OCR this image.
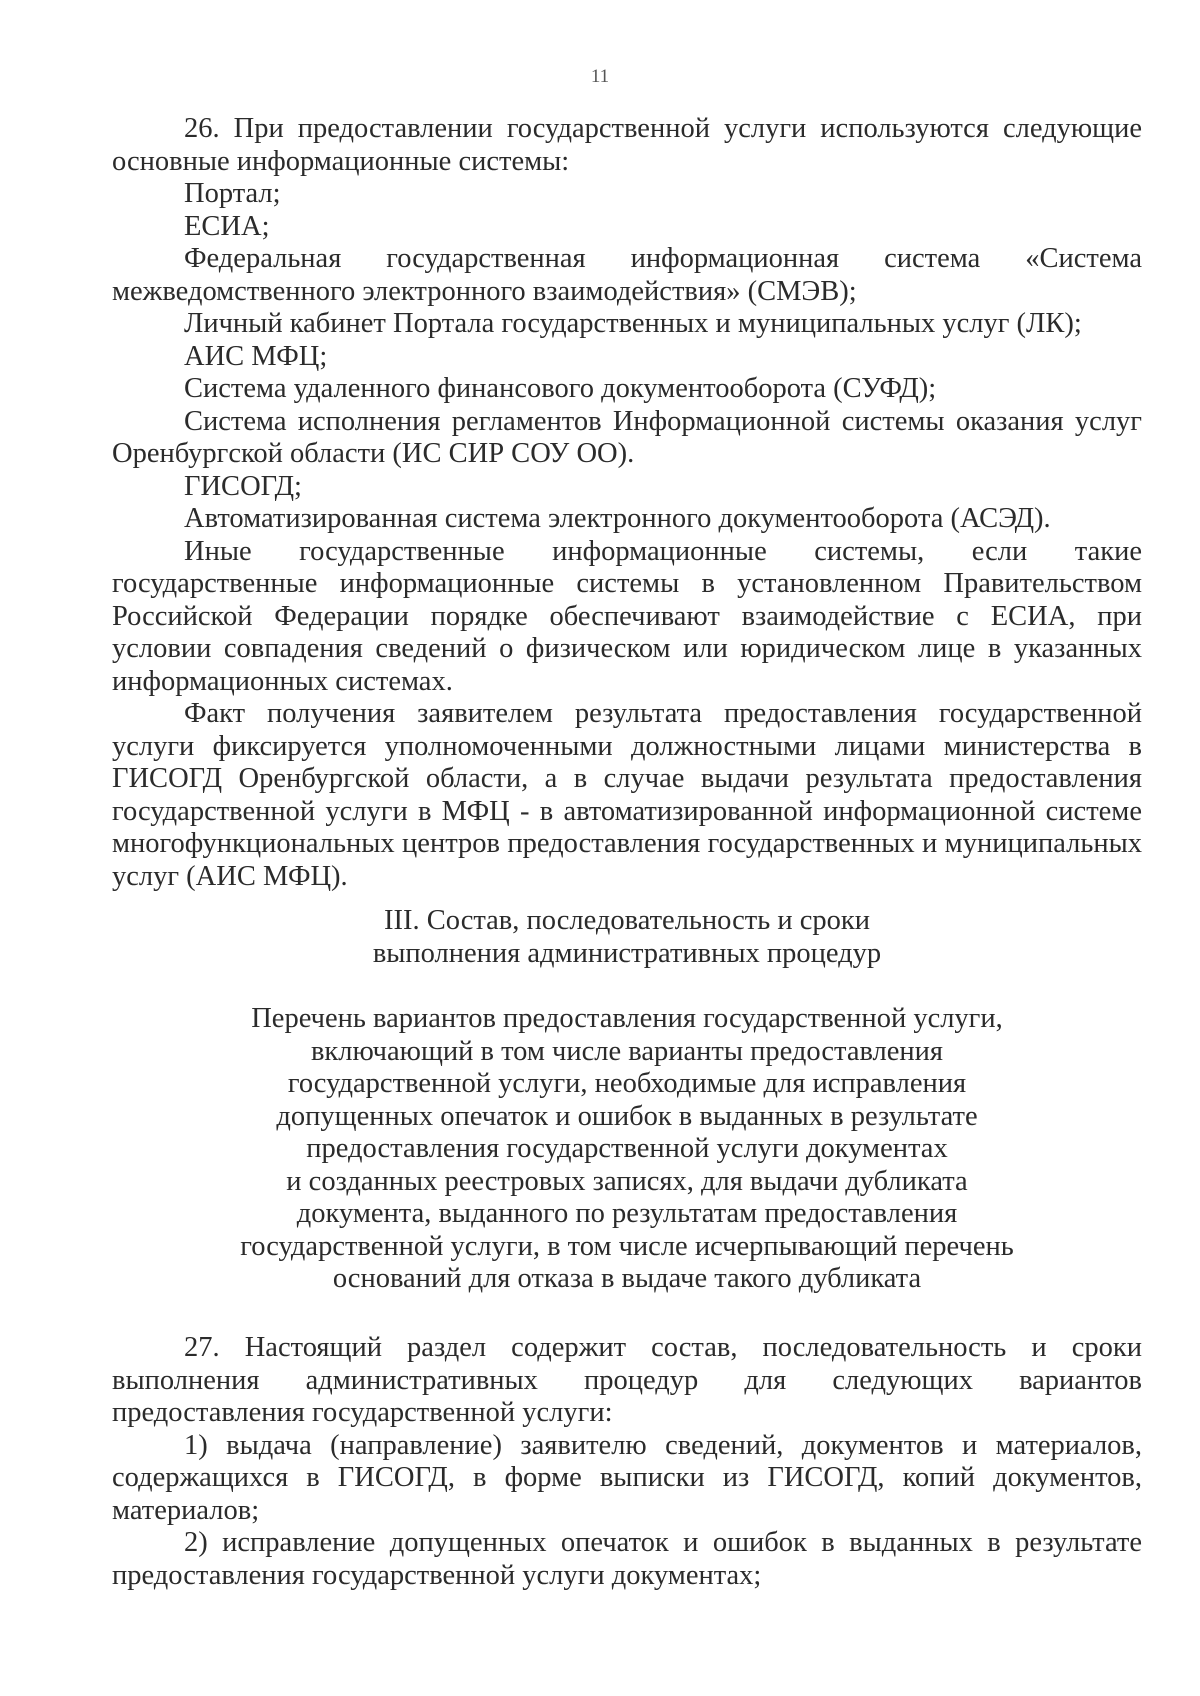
11

26. При предоставлении государственной услуги используются следующие основные информационные системы:

Портал;

ЕСИА;

Федеральная государственная информационная система «Система межведомственного электронного взаимодействия» (СМЭВ);

Личный кабинет Портала государственных и муниципальных услуг (ЛК);

АИС МФЦ;

Система удаленного финансового документооборота (СУФД);

Система исполнения регламентов Информационной системы оказания услуг Оренбургской области (ИС СИР СОУ ОО).

ГИСОГД;

Автоматизированная система электронного документооборота (АСЭД).

Иные государственные информационные системы, если такие государственные информационные системы в установленном Правительством Российской Федерации порядке обеспечивают взаимодействие с ЕСИА, при условии совпадения сведений о физическом или юридическом лице в указанных информационных системах.

Факт получения заявителем результата предоставления государственной услуги фиксируется уполномоченными должностными лицами министерства в ГИСОГД Оренбургской области, а в случае выдачи результата предоставления государственной услуги в МФЦ - в автоматизированной информационной системе многофункциональных центров предоставления государственных и муниципальных услуг (АИС МФЦ).

III. Состав, последовательность и сроки
выполнения административных процедур
Перечень вариантов предоставления государственной услуги,
включающий в том числе варианты предоставления
государственной услуги, необходимые для исправления
допущенных опечаток и ошибок в выданных в результате
предоставления государственной услуги документах
и созданных реестровых записях, для выдачи дубликата
документа, выданного по результатам предоставления
государственной услуги, в том числе исчерпывающий перечень
оснований для отказа в выдаче такого дубликата

27. Настоящий раздел содержит состав, последовательность и сроки выполнения административных процедур для следующих вариантов предоставления государственной услуги:

1) выдача (направление) заявителю сведений, документов и материалов, содержащихся в ГИСОГД, в форме выписки из ГИСОГД, копий документов, материалов;

2) исправление допущенных опечаток и ошибок в выданных в результате предоставления государственной услуги документах;
